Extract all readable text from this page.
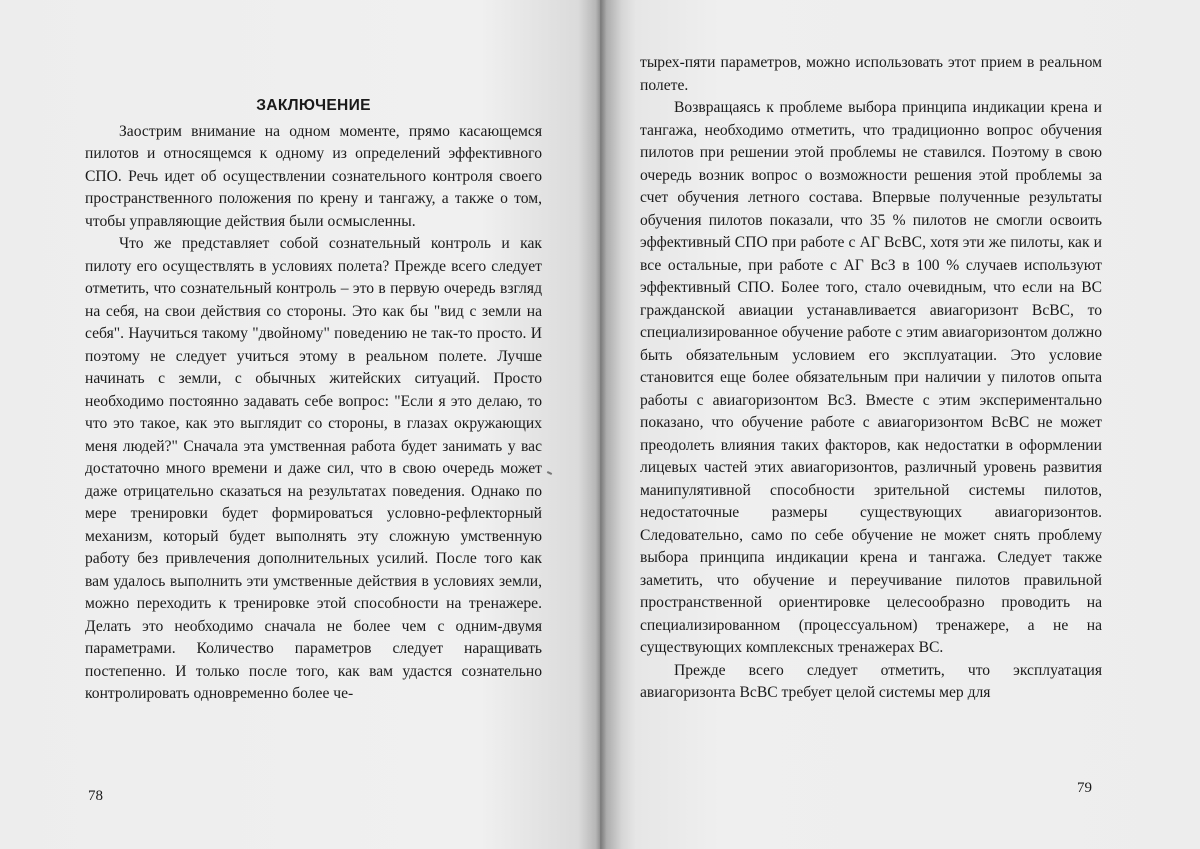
ЗАКЛЮЧЕНИЕ

Заострим внимание на одном моменте, прямо касающемся пилотов и относящемся к одному из определений эффективного СПО. Речь идет об осуществлении сознательного контроля своего пространственного положения по крену и тангажу, а также о том, чтобы управляющие действия были осмысленны.

Что же представляет собой сознательный контроль и как пилоту его осуществлять в условиях полета? Прежде всего следует отметить, что сознательный контроль – это в первую очередь взгляд на себя, на свои действия со стороны. Это как бы "вид с земли на себя". Научиться такому "двойному" поведению не так-то просто. И поэтому не следует учиться этому в реальном полете. Лучше начинать с земли, с обычных житейских ситуаций. Просто необходимо постоянно задавать себе вопрос: "Если я это делаю, то что это такое, как это выглядит со стороны, в глазах окружающих меня людей?" Сначала эта умственная работа будет занимать у вас достаточно много времени и даже сил, что в свою очередь может даже отрицательно сказаться на результатах поведения. Однако по мере тренировки будет формироваться условно-рефлекторный механизм, который будет выполнять эту сложную умственную работу без привлечения дополнительных усилий. После того как вам удалось выполнить эти умственные действия в условиях земли, можно переходить к тренировке этой способности на тренажере. Делать это необходимо сначала не более чем с одним-двумя параметрами. Количество параметров следует наращивать постепенно. И только после того, как вам удастся сознательно контролировать одновременно более че-

78

тырех-пяти параметров, можно использовать этот прием в реальном полете.

Возвращаясь к проблеме выбора принципа индикации крена и тангажа, необходимо отметить, что традиционно вопрос обучения пилотов при решении этой проблемы не ставился. Поэтому в свою очередь возник вопрос о возможности решения этой проблемы за счет обучения летного состава. Впервые полученные результаты обучения пилотов показали, что 35 % пилотов не смогли освоить эффективный СПО при работе с АГ ВсВС, хотя эти же пилоты, как и все остальные, при работе с АГ ВсЗ в 100 % случаев используют эффективный СПО. Более того, стало очевидным, что если на ВС гражданской авиации устанавливается авиагоризонт ВсВС, то специализированное обучение работе с этим авиагоризонтом должно быть обязательным условием его эксплуатации. Это условие становится еще более обязательным при наличии у пилотов опыта работы с авиагоризонтом ВсЗ. Вместе с этим экспериментально показано, что обучение работе с авиагоризонтом ВсВС не может преодолеть влияния таких факторов, как недостатки в оформлении лицевых частей этих авиагоризонтов, различный уровень развития манипулятивной способности зрительной системы пилотов, недостаточные размеры существующих авиагоризонтов. Следовательно, само по себе обучение не может снять проблему выбора принципа индикации крена и тангажа. Следует также заметить, что обучение и переучивание пилотов правильной пространственной ориентировке целесообразно проводить на специализированном (процессуальном) тренажере, а не на существующих комплексных тренажерах ВС.

Прежде всего следует отметить, что эксплуатация авиагоризонта ВсВС требует целой системы мер для

79
